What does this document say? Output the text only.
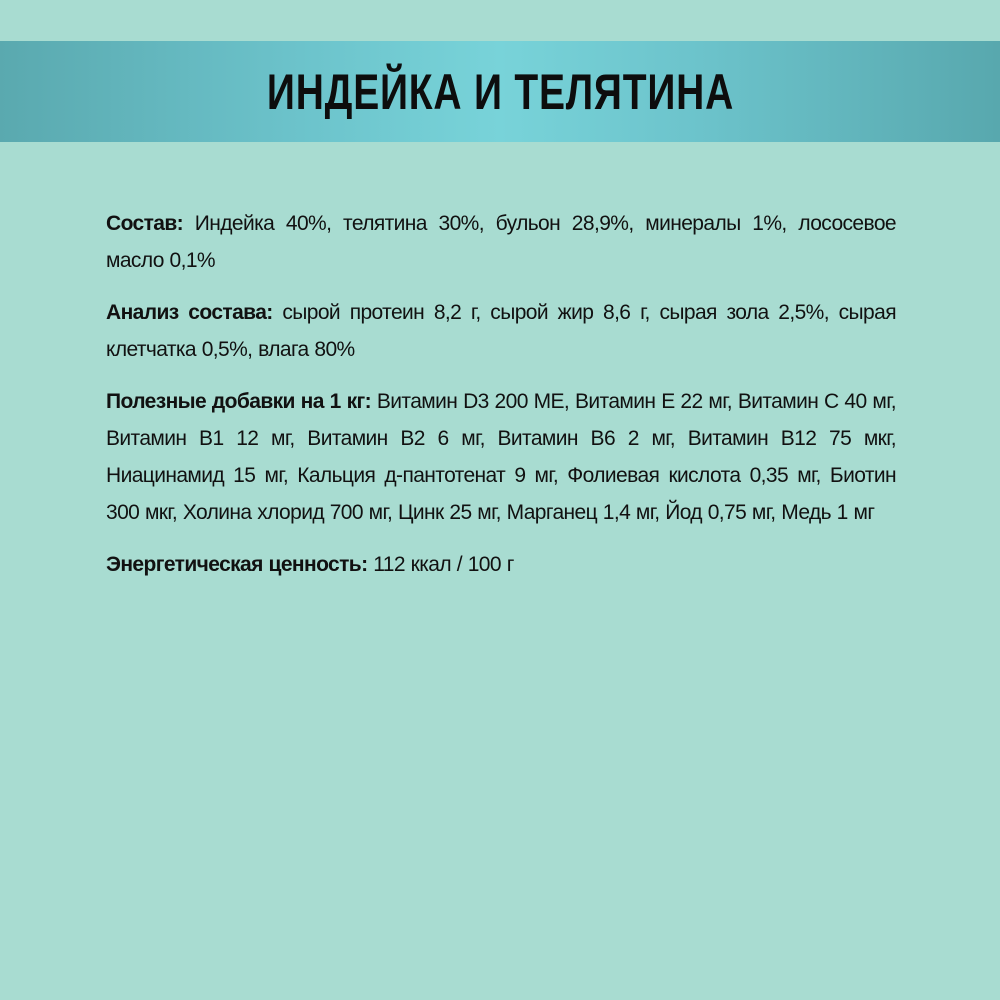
ИНДЕЙКА И ТЕЛЯТИНА

Состав: Индейка 40%, телятина 30%, бульон 28,9%, минералы 1%, лососевое масло 0,1%

Анализ состава: сырой протеин 8,2 г, сырой жир 8,6 г, сырая зола 2,5%, сырая клетчатка 0,5%, влага 80%

Полезные добавки на 1 кг: Витамин D3 200 МЕ, Витамин Е 22 мг, Витамин С 40 мг, Витамин В1 12 мг, Витамин В2 6 мг, Витамин В6 2 мг, Витамин В12 75 мкг, Ниацинамид 15 мг, Кальция д-пантотенат 9 мг, Фолиевая кислота 0,35 мг, Биотин 300 мкг, Холина хлорид 700 мг, Цинк 25 мг, Марганец 1,4 мг, Йод 0,75 мг, Медь 1 мг

Энергетическая ценность: 112 ккал / 100 г
